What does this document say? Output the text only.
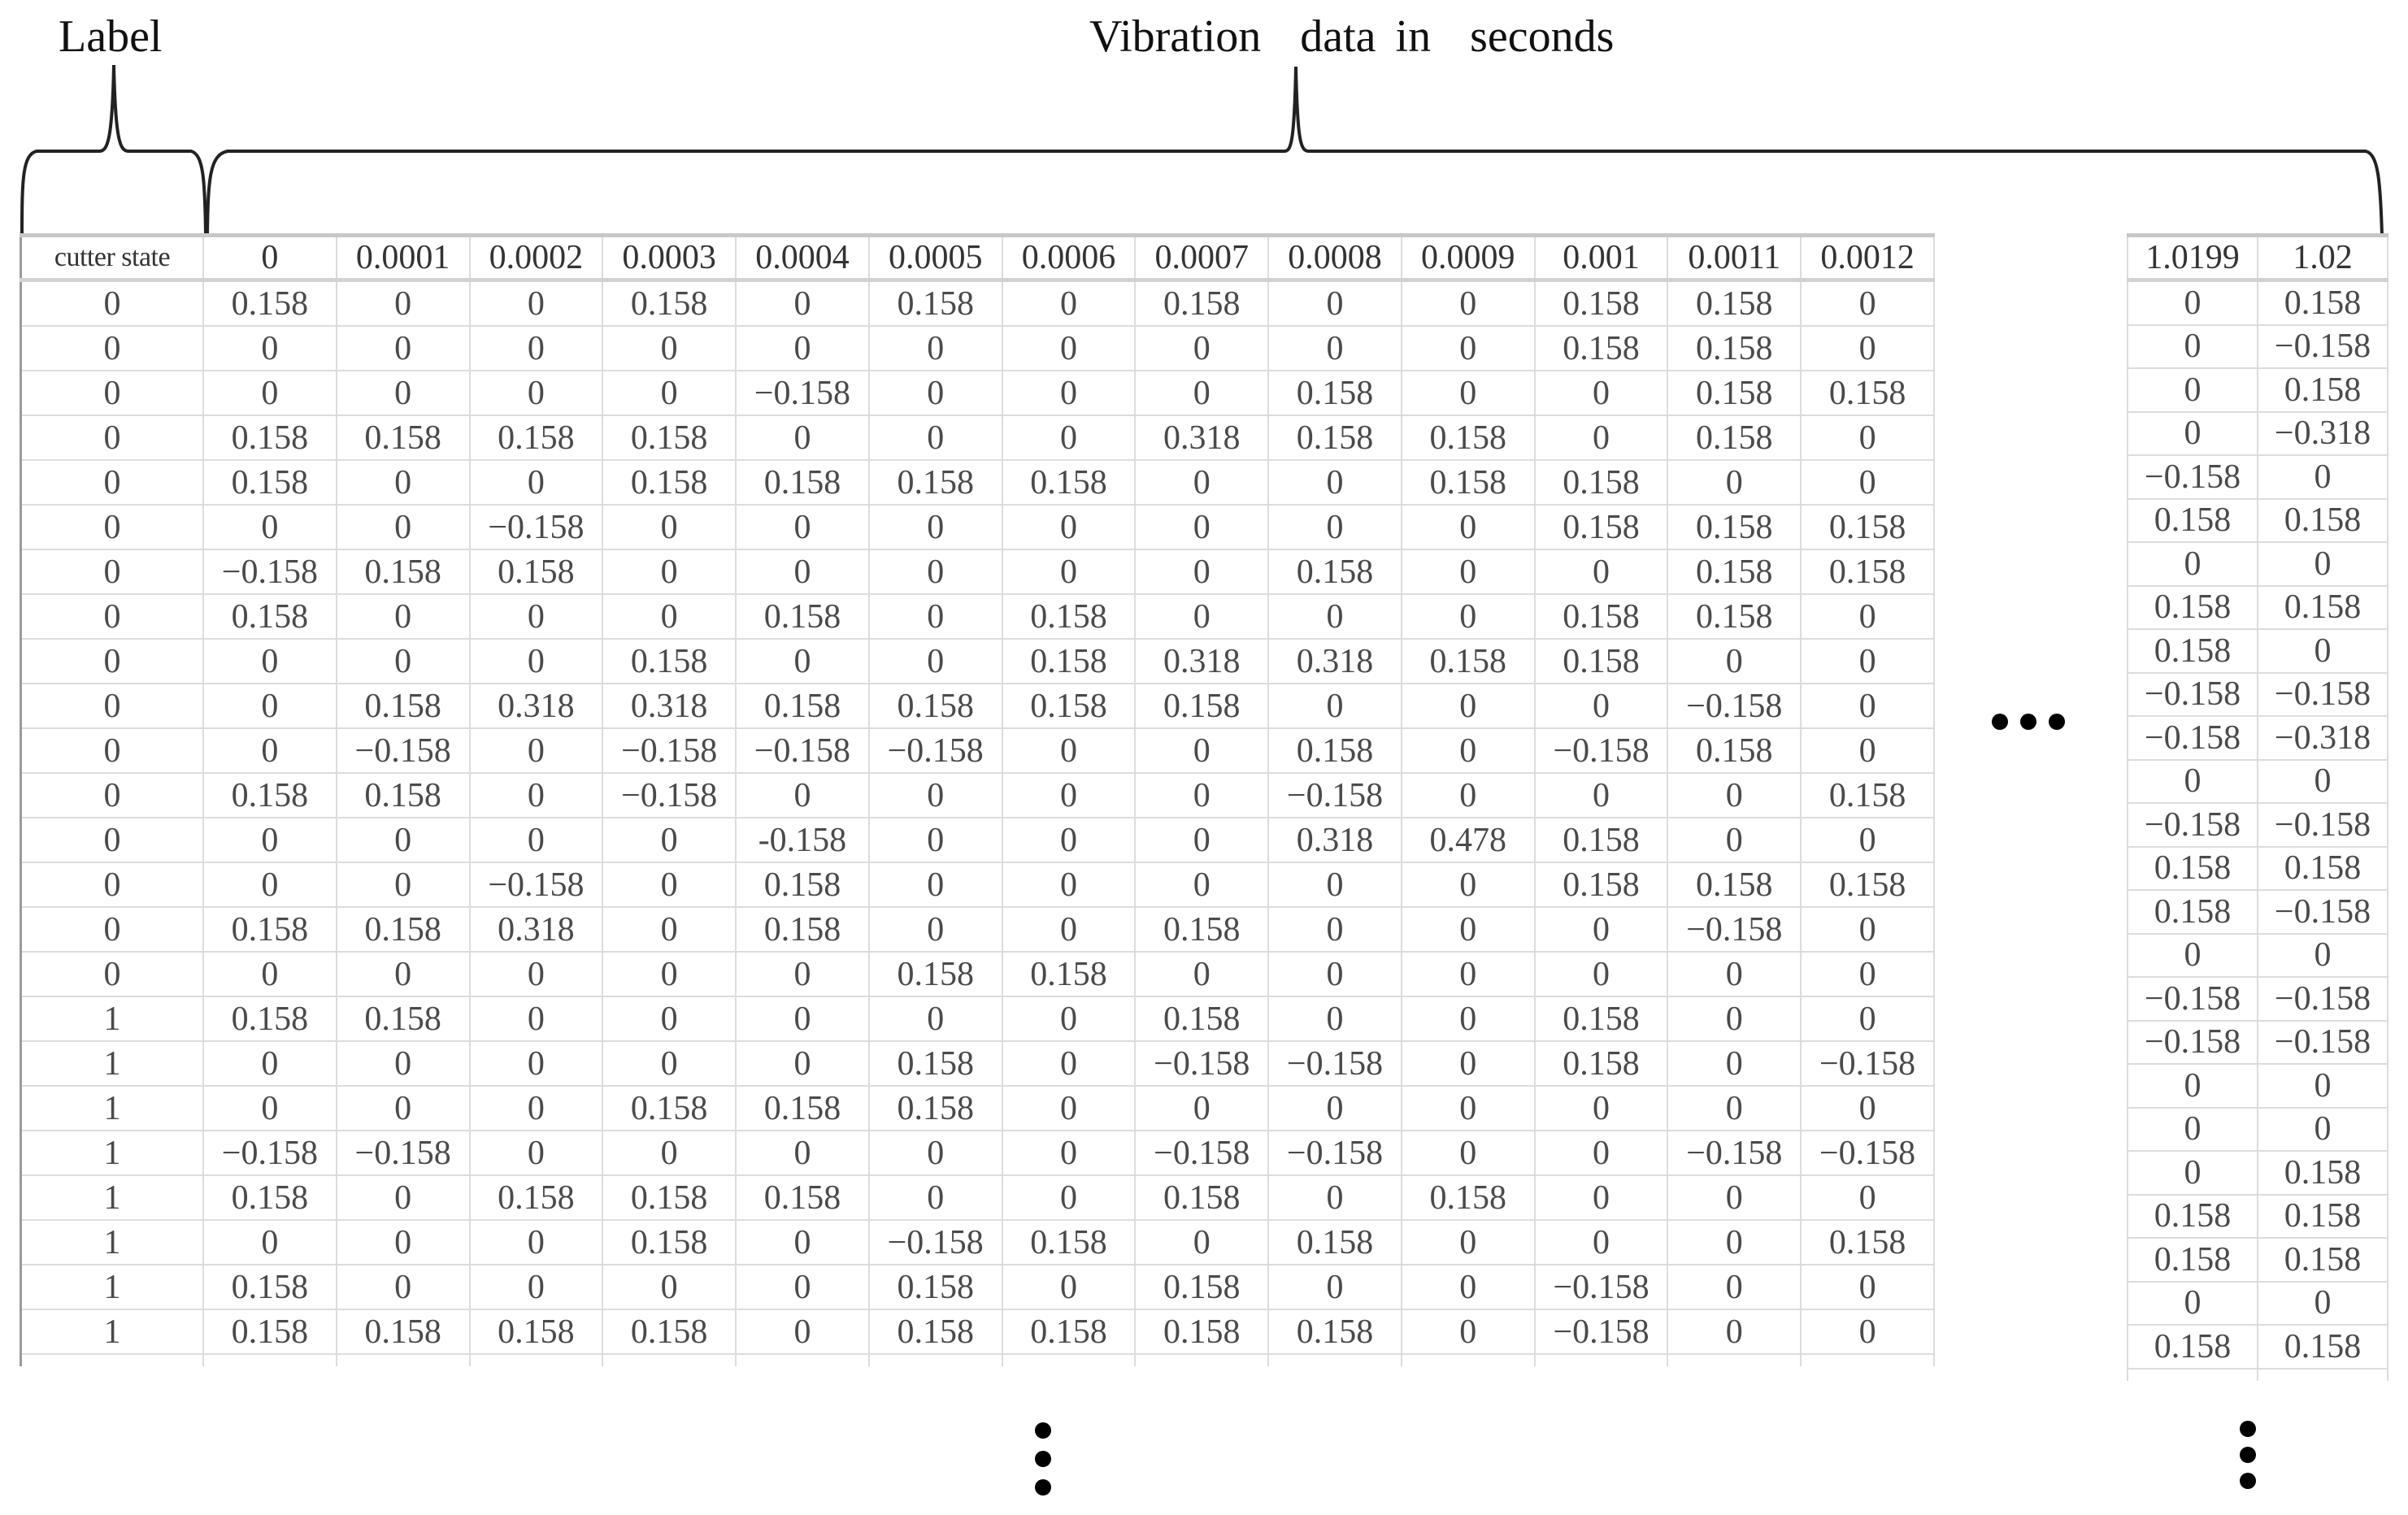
Label	Vibration  data in  seconds
cutter state	0	0.0001	0.0002	0.0003	0.0004	0.0005	0.0006	0.0007	0.0008	0.0009	0.001	0.0011	0.0012
0	0.158	0	0	0.158	0	0.158	0	0.158	0	0	0.158	0.158	0
0	0	0	0	0	0	0	0	0	0	0	0.158	0.158	0
0	0	0	0	0	−0.158	0	0	0	0.158	0	0	0.158	0.158
0	0.158	0.158	0.158	0.158	0	0	0	0.318	0.158	0.158	0	0.158	0
0	0.158	0	0	0.158	0.158	0.158	0.158	0	0	0.158	0.158	0	0
0	0	0	−0.158	0	0	0	0	0	0	0	0.158	0.158	0.158
0	−0.158	0.158	0.158	0	0	0	0	0	0.158	0	0	0.158	0.158
0	0.158	0	0	0	0.158	0	0.158	0	0	0	0.158	0.158	0
0	0	0	0	0.158	0	0	0.158	0.318	0.318	0.158	0.158	0	0
0	0	0.158	0.318	0.318	0.158	0.158	0.158	0.158	0	0	0	−0.158	0
0	0	−0.158	0	−0.158	−0.158	−0.158	0	0	0.158	0	−0.158	0.158	0
0	0.158	0.158	0	−0.158	0	0	0	0	−0.158	0	0	0	0.158
0	0	0	0	0	-0.158	0	0	0	0.318	0.478	0.158	0	0
0	0	0	−0.158	0	0.158	0	0	0	0	0	0.158	0.158	0.158
0	0.158	0.158	0.318	0	0.158	0	0	0.158	0	0	0	−0.158	0
0	0	0	0	0	0	0.158	0.158	0	0	0	0	0	0
1	0.158	0.158	0	0	0	0	0	0.158	0	0	0.158	0	0
1	0	0	0	0	0	0.158	0	−0.158	−0.158	0	0.158	0	−0.158
1	0	0	0	0.158	0.158	0.158	0	0	0	0	0	0	0
1	−0.158	−0.158	0	0	0	0	0	−0.158	−0.158	0	0	−0.158	−0.158
1	0.158	0	0.158	0.158	0.158	0	0	0.158	0	0.158	0	0	0
1	0	0	0	0.158	0	−0.158	0.158	0	0.158	0	0	0	0.158
1	0.158	0	0	0	0	0.158	0	0.158	0	0	−0.158	0	0
1	0.158	0.158	0.158	0.158	0	0.158	0.158	0.158	0.158	0	−0.158	0	0

1.0199	1.02
0	0.158
0	−0.158
0	0.158
0	−0.318
−0.158	0
0.158	0.158
0	0
0.158	0.158
0.158	0
−0.158	−0.158
−0.158	−0.318
0	0
−0.158	−0.158
0.158	0.158
0.158	−0.158
0	0
−0.158	−0.158
−0.158	−0.158
0	0
0	0
0	0.158
0.158	0.158
0.158	0.158
0	0
0.158	0.158
